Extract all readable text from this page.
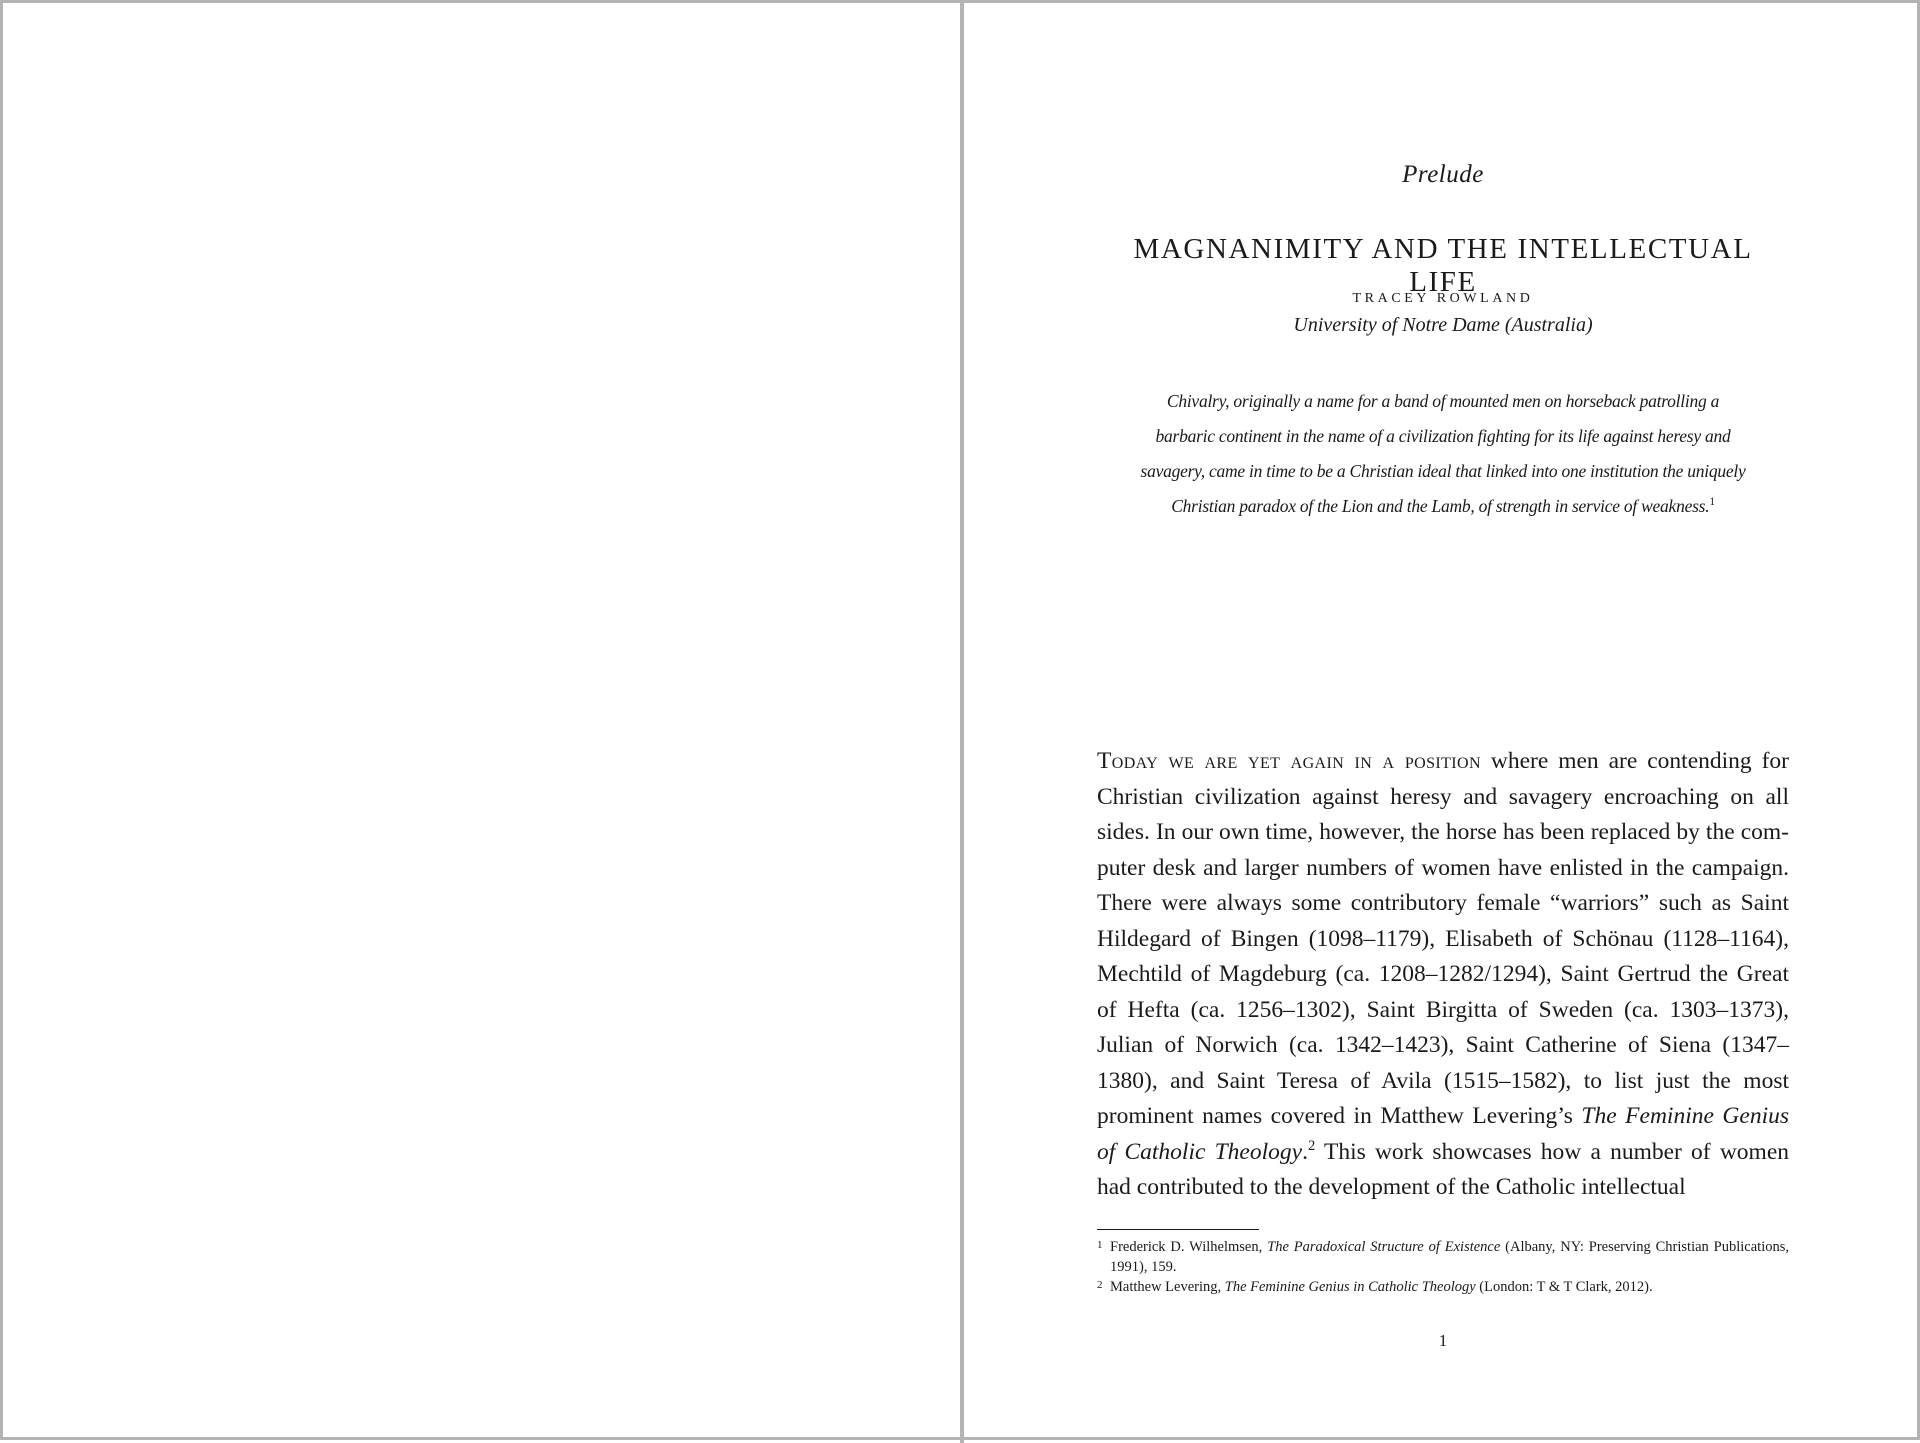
Prelude
MAGNANIMITY AND THE INTELLECTUAL LIFE
TRACEY ROWLAND
University of Notre Dame (Australia)
Chivalry, originally a name for a band of mounted men on horseback patrolling a barbaric continent in the name of a civilization fighting for its life against heresy and savagery, came in time to be a Christian ideal that linked into one institution the uniquely Christian paradox of the Lion and the Lamb, of strength in service of weakness.$^1$
Today we are yet again in a position where men are contending for Christian civilization against heresy and savagery encroaching on all sides. In our own time, however, the horse has been replaced by the computer desk and larger numbers of women have enlisted in the campaign. There were always some contributory female “warriors” such as Saint Hildegard of Bingen (1098–1179), Elisabeth of Schönau (1128–1164), Mechtild of Magdeburg (ca. 1208–1282/1294), Saint Gertrud the Great of Hefta (ca. 1256–1302), Saint Birgitta of Sweden (ca. 1303–1373), Julian of Norwich (ca. 1342–1423), Saint Catherine of Siena (1347–1380), and Saint Teresa of Avila (1515–1582), to list just the most prominent names covered in Matthew Levering’s The Feminine Genius of Catholic Theology.$^2$ This work showcases how a number of women had contributed to the development of the Catholic intellectual
1 Frederick D. Wilhelmsen, The Paradoxical Structure of Existence (Albany, NY: Preserving Christian Publications, 1991), 159.
2 Matthew Levering, The Feminine Genius in Catholic Theology (London: T & T Clark, 2012).
1
